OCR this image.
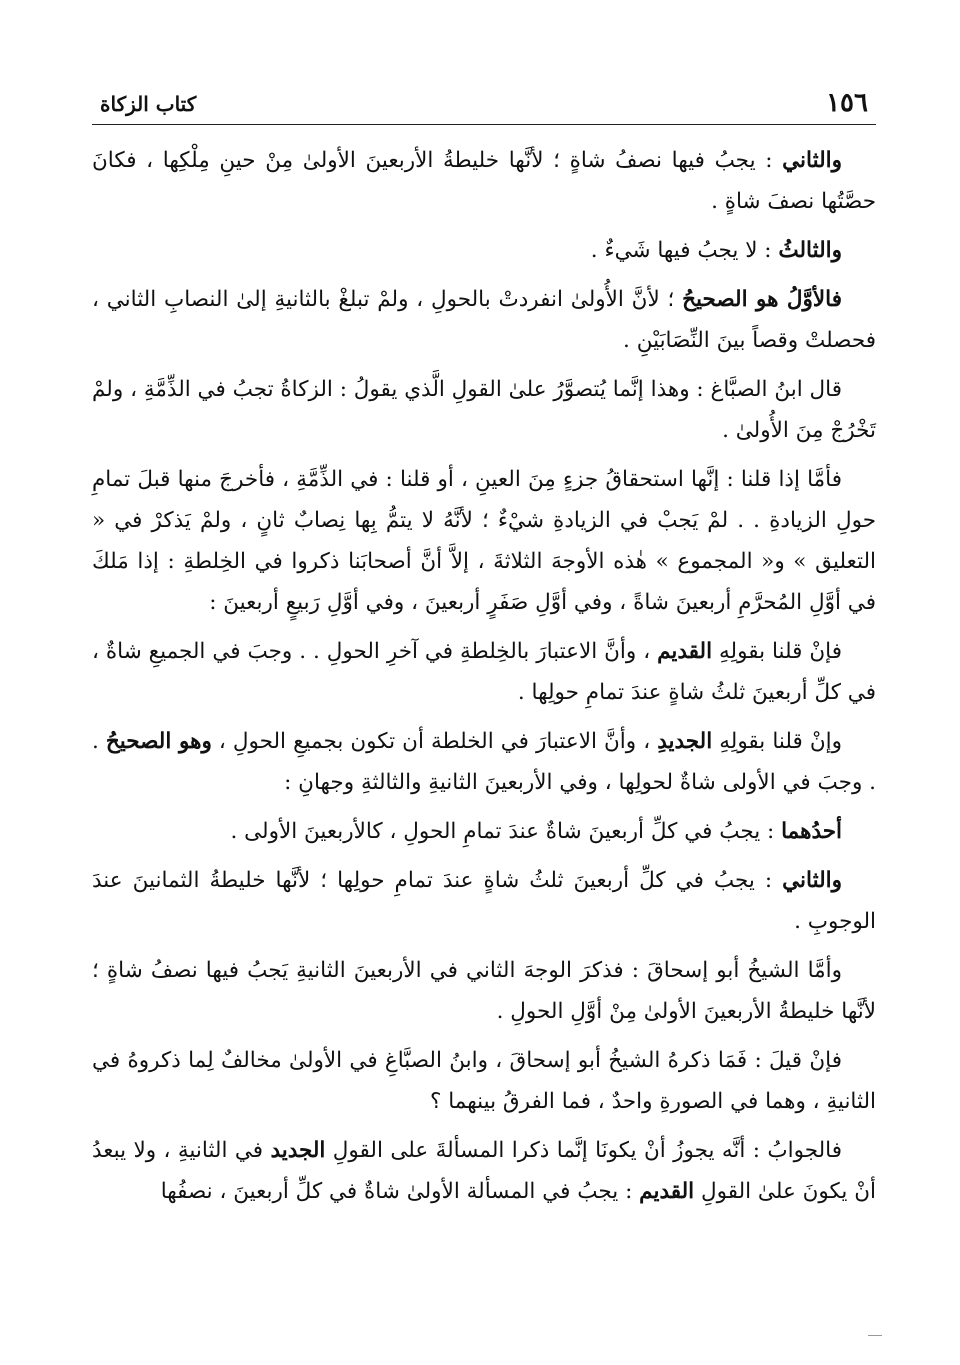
١٥٦
كتاب الزكاة

والثاني : يجبُ فيها نصفُ شاةٍ ؛ لأنَّها خليطةُ الأربعينَ الأولىٰ مِنْ حينِ مِلْكِها ، فكانَ حصَّتُها نصفَ شاةٍ .

والثالثُ : لا يجبُ فيها شَيءٌ .

فالأوَّلُ هو الصحيحُ ؛ لأنَّ الأُولىٰ انفردتْ بالحولِ ، ولمْ تبلغْ بالثانيةِ إلىٰ النصابِ الثاني ، فحصلتْ وقصاً بينَ النِّصَابَيْنِ .

قال ابنُ الصبَّاغ : وهذا إنَّما يُتصوَّرُ علىٰ القولِ الَّذي يقولُ : الزكاةُ تجبُ في الذِّمَّةِ ، ولمْ تَخْرُجْ مِنَ الأُولىٰ .

فأمَّا إذا قلنا : إنَّها استحقاقُ جزءٍ مِنَ العينِ ، أو قلنا : في الذِّمَّةِ ، فأخرجَ منها قبلَ تمامِ حولِ الزيادةِ . . لمْ يَجبْ في الزيادةِ شيْءٌ ؛ لأنَّهُ لا يتمُّ بِها نِصابٌ ثانٍ ، ولمْ يَذكرْ في « التعليق » و« المجموع » هٰذه الأوجهَ الثلاثةَ ، إلاَّ أنَّ أصحابَنا ذكروا في الخِلطةِ : إذا مَلكَ في أوَّلِ المُحرَّمِ أربعينَ شاةً ، وفي أوَّلِ صَفَرٍ أربعينَ ، وفي أوَّلِ رَبيعٍ أربعينَ :

فإنْ قلنا بقولِهِ القديم ، وأنَّ الاعتبارَ بالخِلطةِ في آخرِ الحولِ . . وجبَ في الجميعِ شاةٌ ، في كلِّ أربعينَ ثلثُ شاةٍ عندَ تمامِ حولِها .

وإنْ قلنا بقولِهِ الجديدِ ، وأنَّ الاعتبارَ في الخلطة أن تكون بجميعِ الحولِ ، وهو الصحيحُ . . وجبَ في الأولى شاةٌ لحولِها ، وفي الأربعينَ الثانيةِ والثالثةِ وجهانِ :

أحدُهما : يجبُ في كلِّ أربعينَ شاةٌ عندَ تمامِ الحولِ ، كالأربعينَ الأولى .

والثاني : يجبُ في كلِّ أربعينَ ثلثُ شاةٍ عندَ تمامِ حولِها ؛ لأنَّها خليطةُ الثمانينَ عندَ الوجوبِ .

وأمَّا الشيخُ أبو إسحاقَ : فذكرَ الوجهَ الثاني في الأربعينَ الثانيةِ يَجبُ فيها نصفُ شاةٍ ؛ لأنَّها خليطةُ الأربعينَ الأولىٰ مِنْ أوَّلِ الحولِ .

فإنْ قيلَ : فَمَا ذكرهُ الشيخُ أبو إسحاقَ ، وابنُ الصبَّاغِ في الأولىٰ مخالفٌ لِما ذكروهُ في الثانيةِ ، وهما في الصورةِ واحدٌ ، فما الفرقُ بينهما ؟

فالجوابُ : أنَّه يجوزُ أنْ يكونَا إنَّما ذكرا المسألةَ على القولِ الجديد في الثانيةِ ، ولا يبعدُ أنْ يكونَ علىٰ القولِ القديم : يجبُ في المسألة الأولىٰ شاةٌ في كلِّ أربعينَ ، نصفُها
